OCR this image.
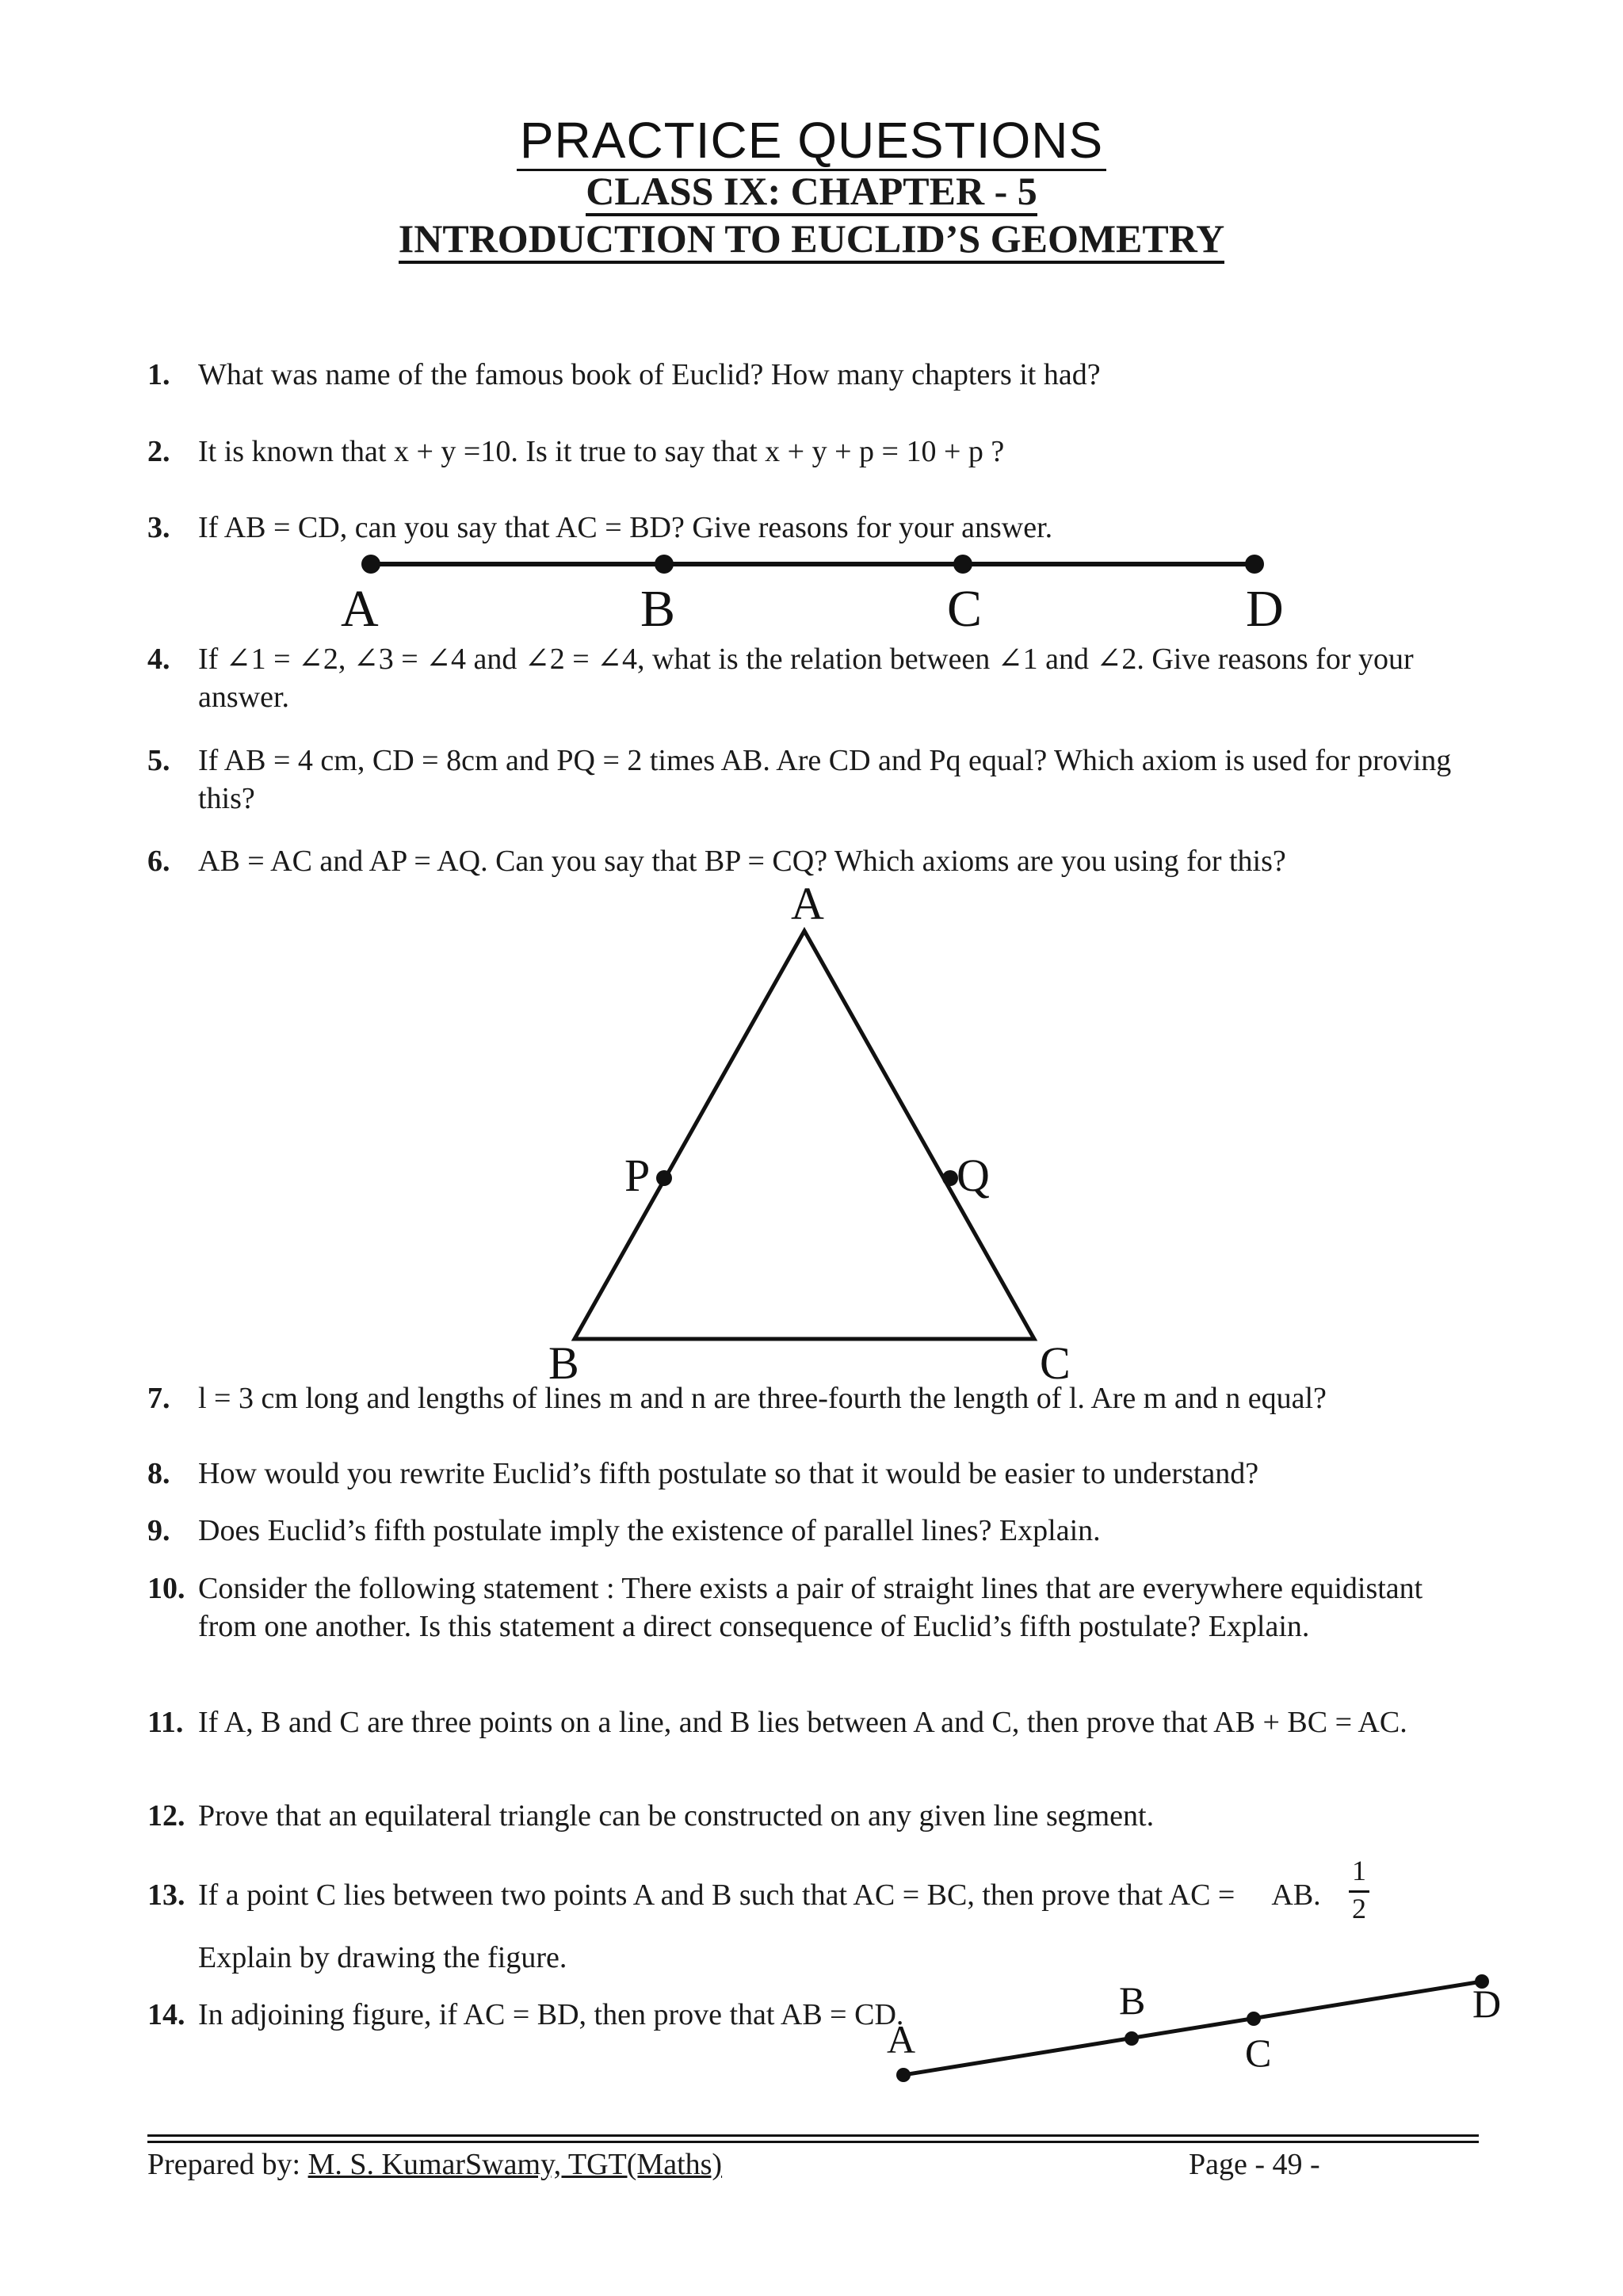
PRACTICE QUESTIONS
CLASS IX: CHAPTER - 5
INTRODUCTION TO EUCLID’S GEOMETRY
1. What was name of the famous book of Euclid? How many chapters it had?
2. It is known that x + y =10. Is it true to say that x + y + p = 10 + p ?
3. If AB = CD, can you say that AC = BD? Give reasons for your answer.
A	B	C	D
4. If ∠1 = ∠2, ∠3 = ∠4 and ∠2 = ∠4, what is the relation between ∠1 and ∠2. Give reasons for your answer.
5. If AB = 4 cm, CD = 8cm and PQ = 2 times AB. Are CD and Pq equal? Which axiom is used for proving this?
6. AB = AC and AP = AQ. Can you say that BP = CQ? Which axioms are you using for this?
A
P	Q
B	C
7. l = 3 cm long and lengths of lines m and n are three-fourth the length of l. Are m and n equal?
8. How would you rewrite Euclid’s fifth postulate so that it would be easier to understand?
9. Does Euclid’s fifth postulate imply the existence of parallel lines? Explain.
10. Consider the following statement : There exists a pair of straight lines that are everywhere equidistant from one another. Is this statement a direct consequence of Euclid’s fifth postulate? Explain.
11. If A, B and C are three points on a line, and B lies between A and C, then prove that AB + BC = AC.
12. Prove that an equilateral triangle can be constructed on any given line segment.
13. If a point C lies between two points A and B such that AC = BC, then prove that AC = AB.
1
2
Explain by drawing the figure.
14. In adjoining figure, if AC = BD, then prove that AB = CD.
A
B
C
D
Prepared by: M. S. KumarSwamy, TGT(Maths)	Page - 49 -
